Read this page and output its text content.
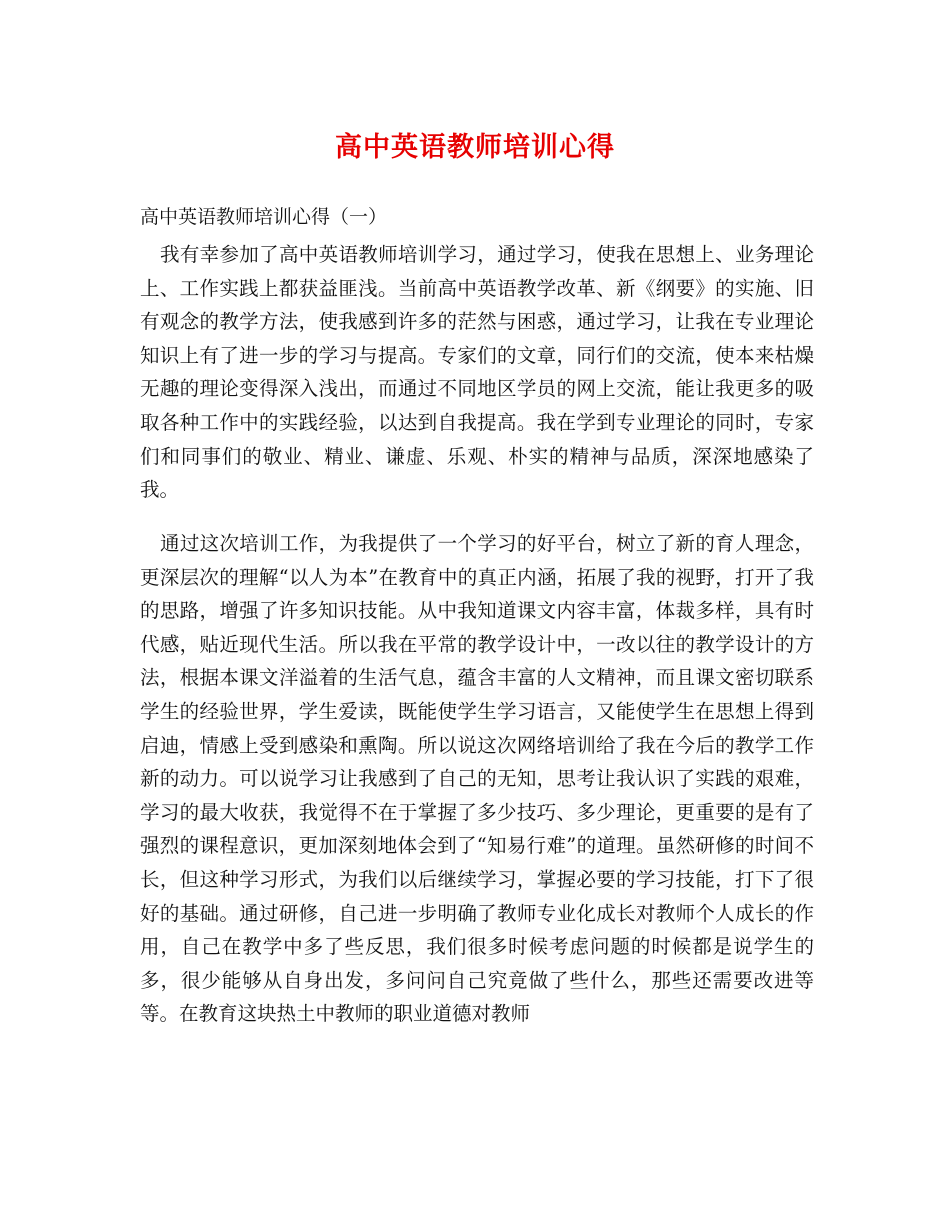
高中英语教师培训心得
高中英语教师培训心得（一）
我有幸参加了高中英语教师培训学习，通过学习，使我在思想上、业务理论上、工作实践上都获益匪浅。当前高中英语教学改革、新《纲要》的实施、旧有观念的教学方法，使我感到许多的茫然与困惑，通过学习，让我在专业理论知识上有了进一步的学习与提高。专家们的文章，同行们的交流，使本来枯燥无趣的理论变得深入浅出，而通过不同地区学员的网上交流，能让我更多的吸取各种工作中的实践经验，以达到自我提高。我在学到专业理论的同时，专家们和同事们的敬业、精业、谦虚、乐观、朴实的精神与品质，深深地感染了我。
通过这次培训工作，为我提供了一个学习的好平台，树立了新的育人理念，更深层次的理解“以人为本”在教育中的真正内涵，拓展了我的视野，打开了我的思路，增强了许多知识技能。从中我知道课文内容丰富，体裁多样，具有时代感，贴近现代生活。所以我在平常的教学设计中，一改以往的教学设计的方法，根据本课文洋溢着的生活气息，蕴含丰富的人文精神，而且课文密切联系学生的经验世界，学生爱读，既能使学生学习语言，又能使学生在思想上得到启迪，情感上受到感染和熏陶。所以说这次网络培训给了我在今后的教学工作新的动力。可以说学习让我感到了自己的无知，思考让我认识了实践的艰难，学习的最大收获，我觉得不在于掌握了多少技巧、多少理论，更重要的是有了强烈的课程意识，更加深刻地体会到了“知易行难”的道理。虽然研修的时间不长，但这种学习形式，为我们以后继续学习，掌握必要的学习技能，打下了很好的基础。通过研修，自己进一步明确了教师专业化成长对教师个人成长的作用，自己在教学中多了些反思，我们很多时候考虑问题的时候都是说学生的多，很少能够从自身出发，多问问自己究竟做了些什么，那些还需要改进等等。在教育这块热土中教师的职业道德对教师
